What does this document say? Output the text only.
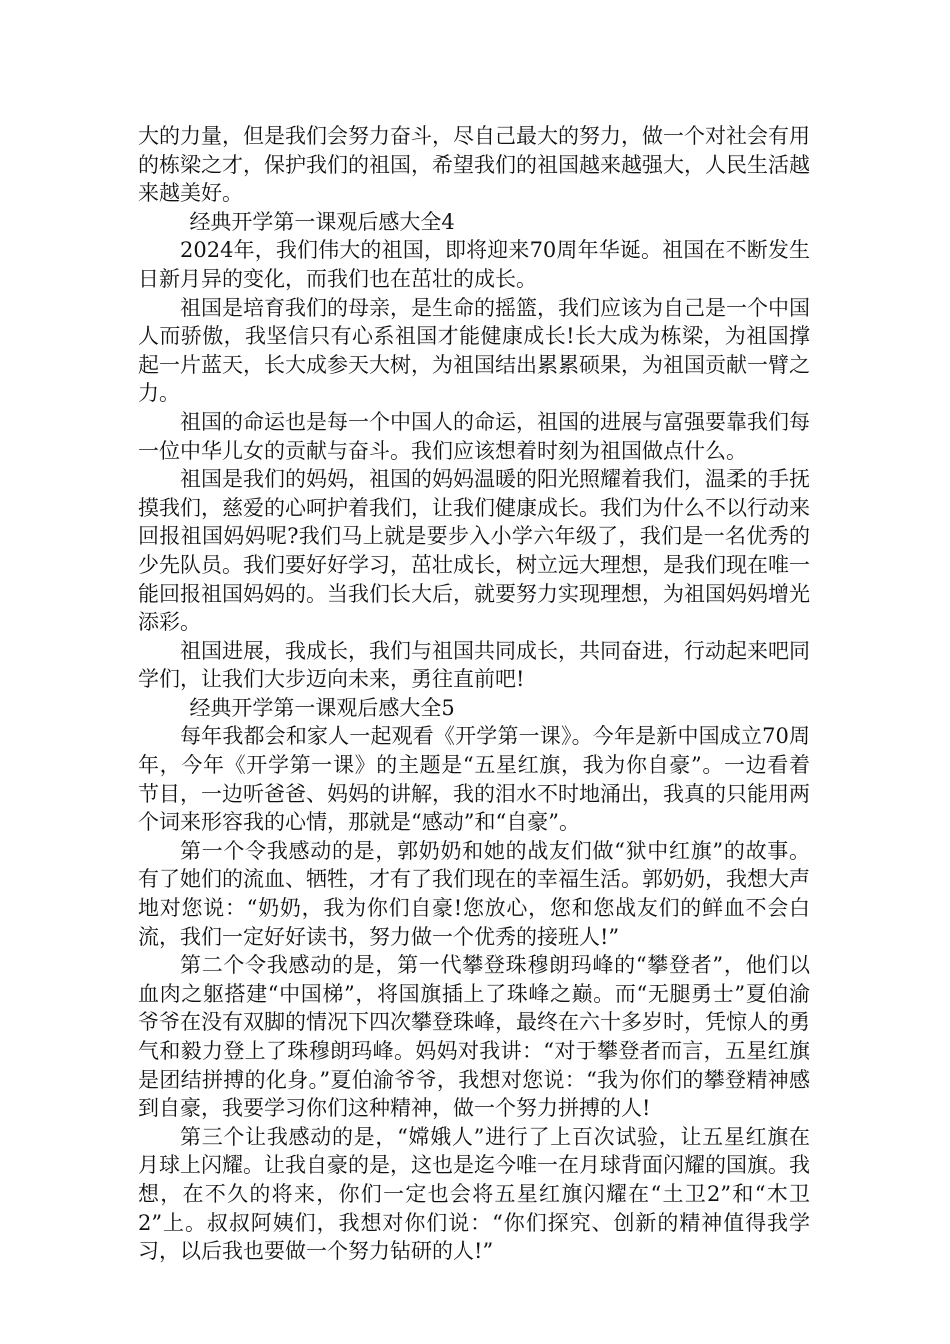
大的力量，但是我们会努力奋斗，尽自己最大的努力，做一个对社会有用的栋梁之才，保护我们的祖国，希望我们的祖国越来越强大，人民生活越来越美好。

经典开学第一课观后感大全4

2024年，我们伟大的祖国，即将迎来70周年华诞。祖国在不断发生日新月异的变化，而我们也在茁壮的成长。

祖国是培育我们的母亲，是生命的摇篮，我们应该为自己是一个中国人而骄傲，我坚信只有心系祖国才能健康成长!长大成为栋梁，为祖国撑起一片蓝天，长大成参天大树，为祖国结出累累硕果，为祖国贡献一臂之力。

祖国的命运也是每一个中国人的命运，祖国的进展与富强要靠我们每一位中华儿女的贡献与奋斗。我们应该想着时刻为祖国做点什么。

祖国是我们的妈妈，祖国的妈妈温暖的阳光照耀着我们，温柔的手抚摸我们，慈爱的心呵护着我们，让我们健康成长。我们为什么不以行动来回报祖国妈妈呢?我们马上就是要步入小学六年级了，我们是一名优秀的少先队员。我们要好好学习，茁壮成长，树立远大理想，是我们现在唯一能回报祖国妈妈的。当我们长大后，就要努力实现理想，为祖国妈妈增光添彩。

祖国进展，我成长，我们与祖国共同成长，共同奋进，行动起来吧同学们，让我们大步迈向未来，勇往直前吧!

经典开学第一课观后感大全5

每年我都会和家人一起观看《开学第一课》。今年是新中国成立70周年，今年《开学第一课》的主题是“五星红旗，我为你自豪”。一边看着节目，一边听爸爸、妈妈的讲解，我的泪水不时地涌出，我真的只能用两个词来形容我的心情，那就是“感动”和“自豪”。

第一个令我感动的是，郭奶奶和她的战友们做“狱中红旗”的故事。有了她们的流血、牺牲，才有了我们现在的幸福生活。郭奶奶，我想大声地对您说：“奶奶，我为你们自豪!您放心，您和您战友们的鲜血不会白流，我们一定好好读书，努力做一个优秀的接班人!”

第二个令我感动的是，第一代攀登珠穆朗玛峰的“攀登者”，他们以血肉之躯搭建“中国梯”，将国旗插上了珠峰之巅。而“无腿勇士”夏伯渝爷爷在没有双脚的情况下四次攀登珠峰，最终在六十多岁时，凭惊人的勇气和毅力登上了珠穆朗玛峰。妈妈对我讲：“对于攀登者而言，五星红旗是团结拼搏的化身。”夏伯渝爷爷，我想对您说：“我为你们的攀登精神感到自豪，我要学习你们这种精神，做一个努力拼搏的人!

第三个让我感动的是，“嫦娥人”进行了上百次试验，让五星红旗在月球上闪耀。让我自豪的是，这也是迄今唯一在月球背面闪耀的国旗。我想，在不久的将来，你们一定也会将五星红旗闪耀在“土卫2”和“木卫2”上。叔叔阿姨们，我想对你们说：“你们探究、创新的精神值得我学习，以后我也要做一个努力钻研的人!”
